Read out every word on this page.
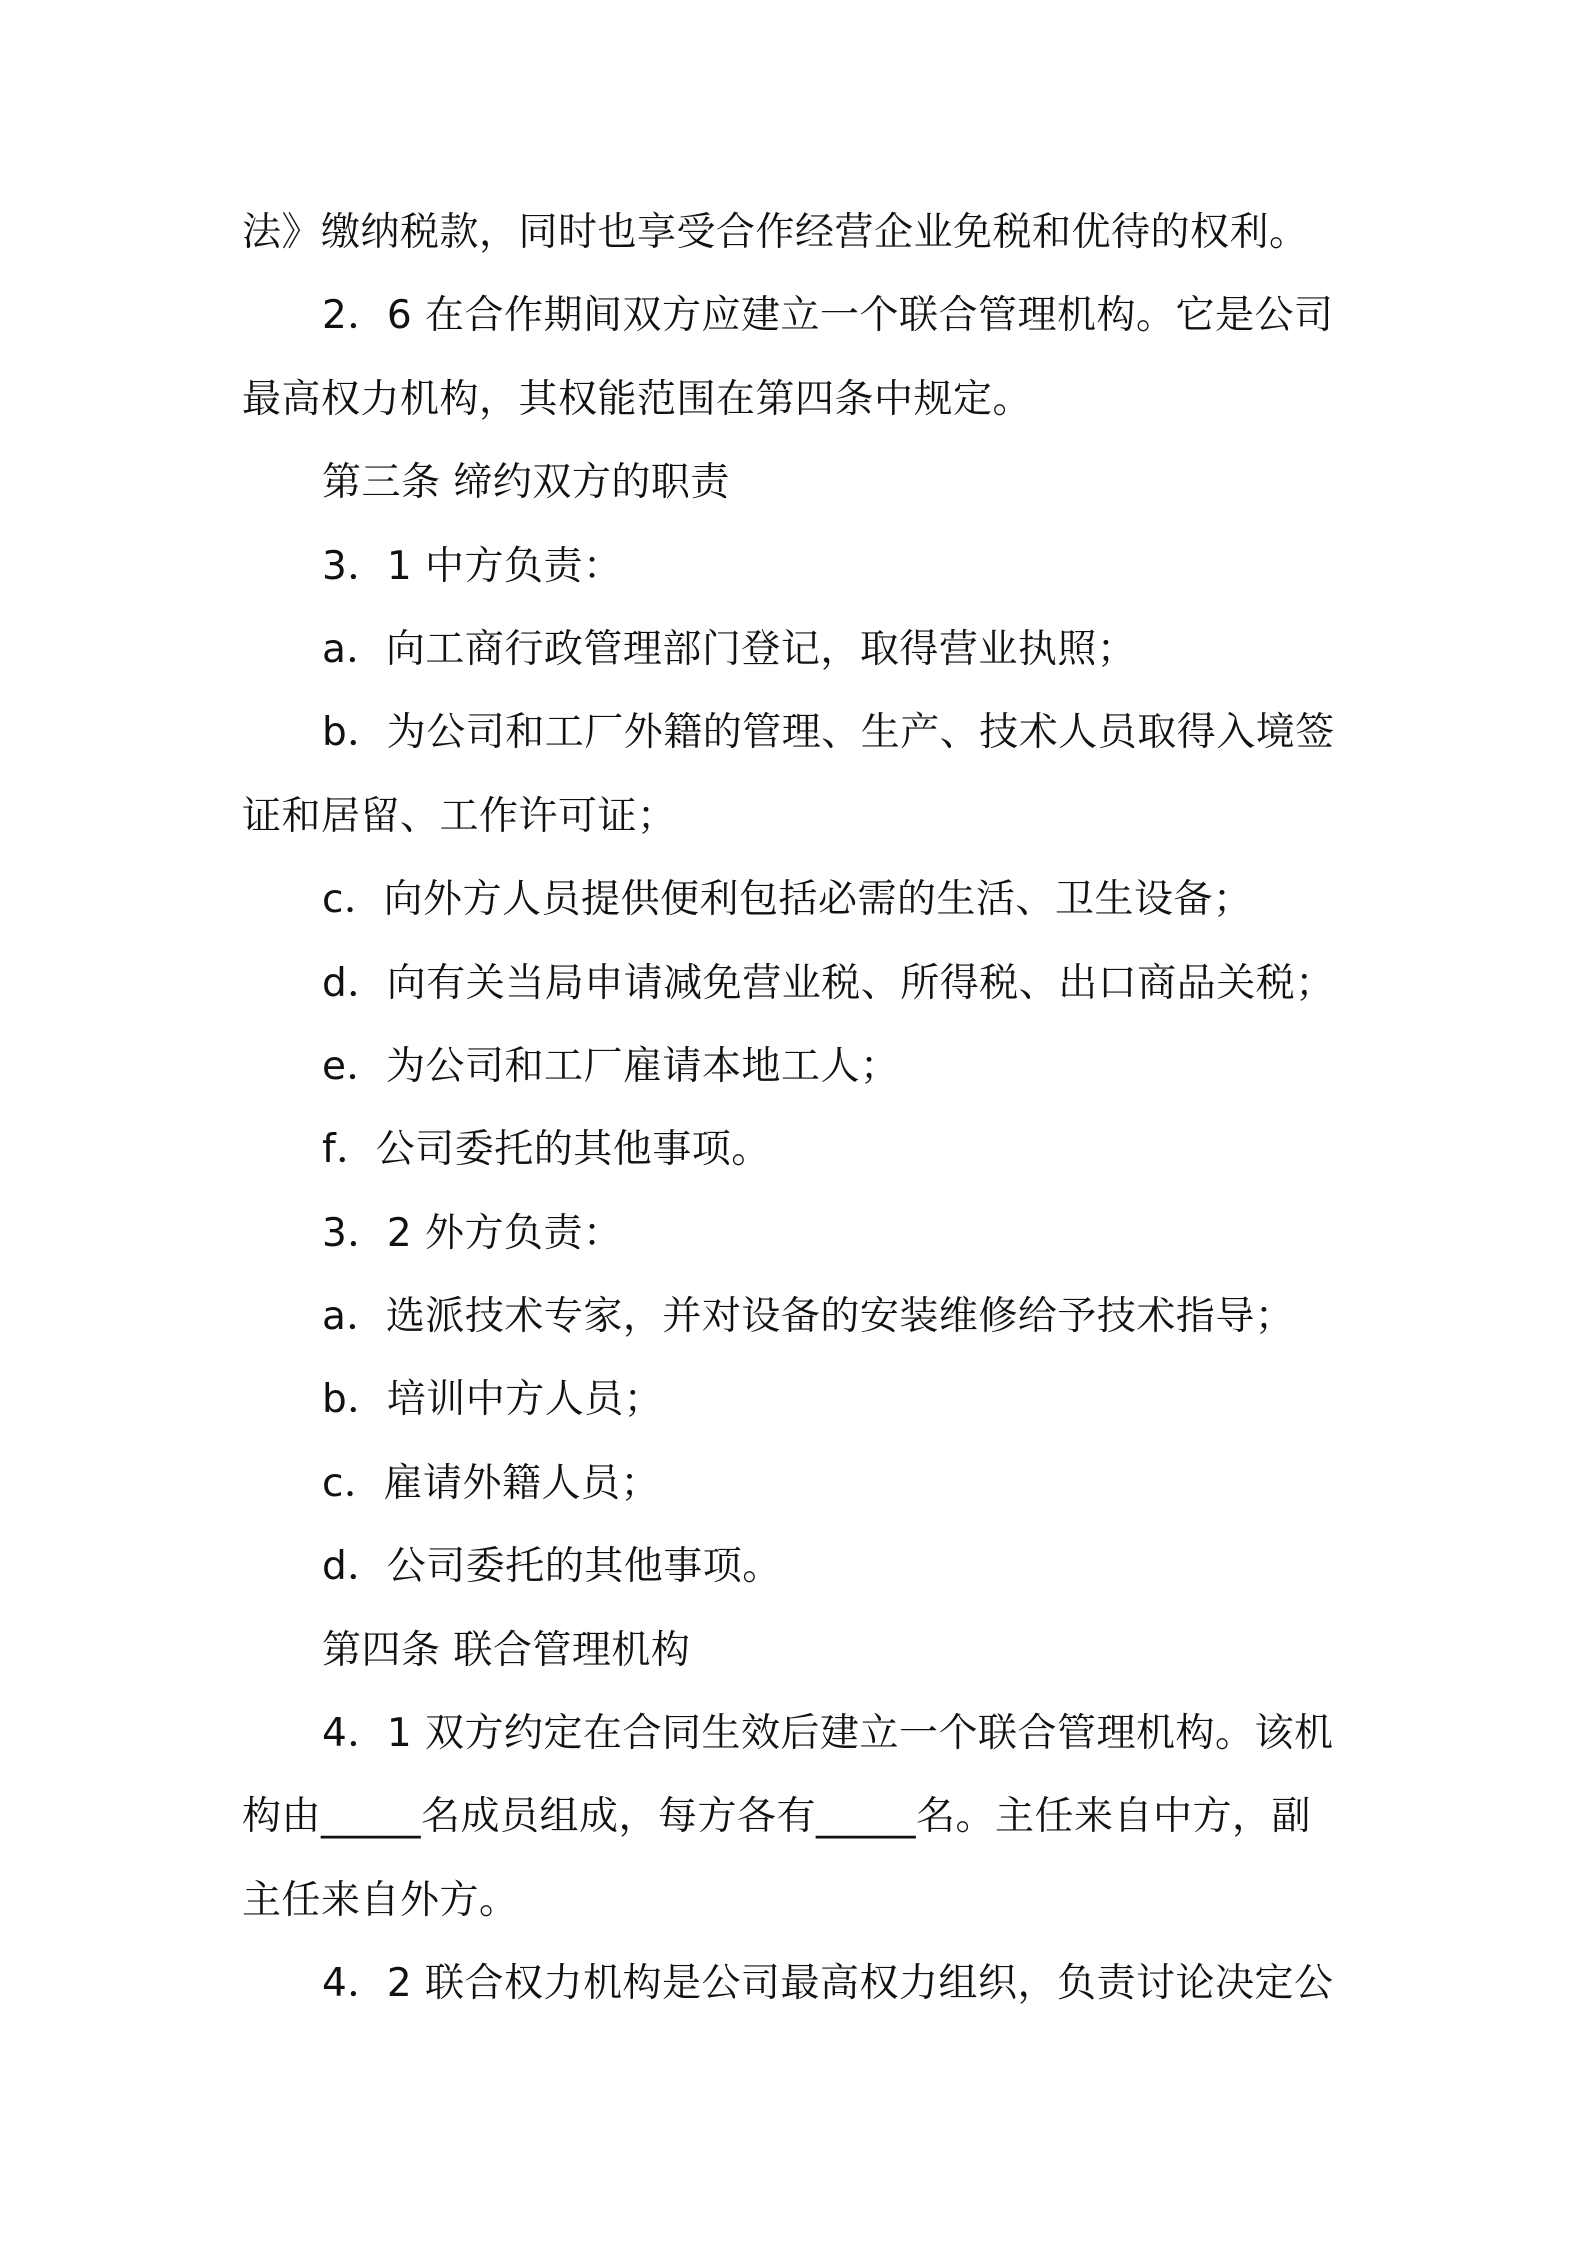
法》缴纳税款，同时也享受合作经营企业免税和优待的权利。
2．6 在合作期间双方应建立一个联合管理机构。它是公司
最高权力机构，其权能范围在第四条中规定。
第三条 缔约双方的职责
3．1 中方负责：
a．向工商行政管理部门登记，取得营业执照；
b．为公司和工厂外籍的管理、生产、技术人员取得入境签
证和居留、工作许可证；
c．向外方人员提供便利包括必需的生活、卫生设备；
d．向有关当局申请减免营业税、所得税、出口商品关税；
e．为公司和工厂雇请本地工人；
f．公司委托的其他事项。
3．2 外方负责：
a．选派技术专家，并对设备的安装维修给予技术指导；
b．培训中方人员；
c．雇请外籍人员；
d．公司委托的其他事项。
第四条 联合管理机构
4．1 双方约定在合同生效后建立一个联合管理机构。该机
构由_____名成员组成，每方各有_____名。主任来自中方，副
主任来自外方。
4．2 联合权力机构是公司最高权力组织，负责讨论决定公
